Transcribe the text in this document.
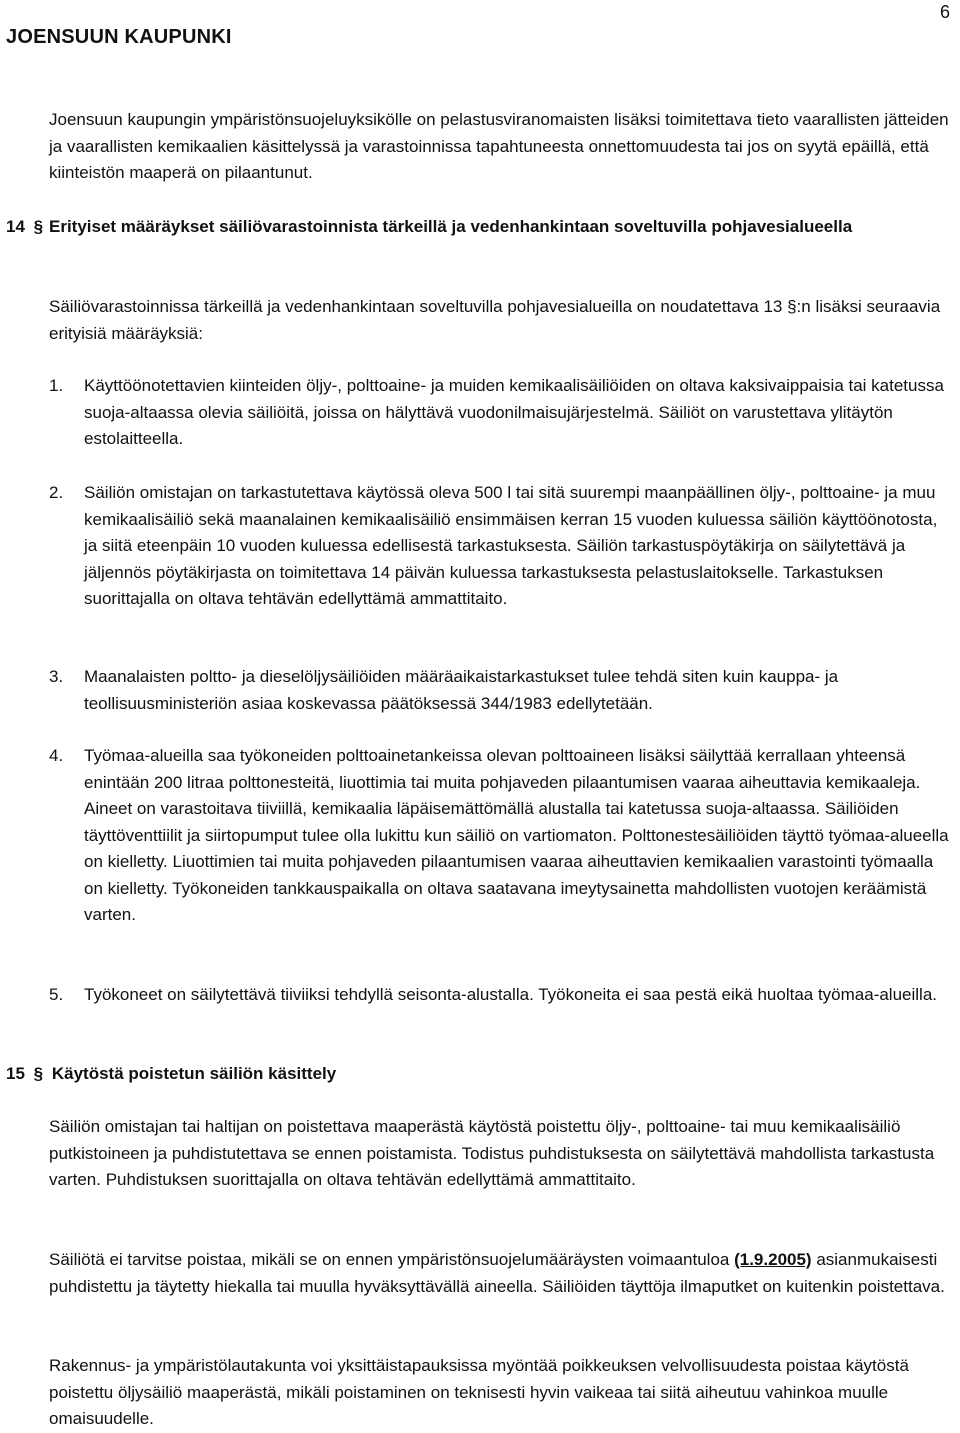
JOENSUUN KAUPUNKI
6

Joensuun kaupungin ympäristönsuojeluyksikölle on pelastusviranomaisten lisäksi toimitettava tieto vaarallisten jätteiden ja vaarallisten kemikaalien käsittelyssä ja varastoinnissa tapahtuneesta onnettomuudesta tai jos on syytä epäillä, että kiinteistön maaperä on pilaantunut.

14 § Erityiset määräykset säiliövarastoinnista tärkeillä ja vedenhankintaan soveltuvilla pohjavesialueella

Säiliövarastoinnissa tärkeillä ja vedenhankintaan soveltuvilla pohjavesialueilla on noudatettava 13 §:n lisäksi seuraavia erityisiä määräyksiä:

1.	Käyttöönotettavien kiinteiden öljy-, polttoaine- ja muiden kemikaalisäiliöiden on oltava kaksivaippaisia tai katetussa suoja-altaassa olevia säiliöitä, joissa on hälyttävä vuodonilmaisujärjestelmä. Säiliöt on varustettava ylitäytön estolaitteella.
2.	Säiliön omistajan on tarkastutettava käytössä oleva 500 l tai sitä suurempi maanpäällinen öljy-, polttoaine- ja muu kemikaalisäiliö sekä maanalainen kemikaalisäiliö ensimmäisen kerran 15 vuoden kuluessa säiliön käyttöönotosta, ja siitä eteenpäin 10 vuoden kuluessa edellisestä tarkastuksesta. Säiliön tarkastuspöytäkirja on säilytettävä ja jäljennös pöytäkirjasta on toimitettava 14 päivän kuluessa tarkastuksesta pelastuslaitokselle. Tarkastuksen suorittajalla on oltava tehtävän edellyttämä ammattitaito.
3.	Maanalaisten poltto- ja dieselöljysäiliöiden määräaikaistarkastukset tulee tehdä siten kuin kauppa- ja teollisuusministeriön asiaa koskevassa päätöksessä 344/1983 edellytetään.
4.	Työmaa-alueilla saa työkoneiden polttoainetankeissa olevan polttoaineen lisäksi säilyttää kerrallaan yhteensä enintään 200 litraa polttonesteitä, liuottimia tai muita pohjaveden pilaantumisen vaaraa aiheuttavia kemikaaleja. Aineet on varastoitava tiiviillä, kemikaalia läpäisemättömällä alustalla tai katetussa suoja-altaassa. Säiliöiden täyttöventtiilit ja siirtopumput tulee olla lukittu kun säiliö on vartiomaton. Polttonestesäiliöiden täyttö työmaa-alueella on kielletty. Liuottimien tai muita pohjaveden pilaantumisen vaaraa aiheuttavien kemikaalien varastointi työmaalla on kielletty. Työkoneiden tankkauspaikalla on oltava saatavana imeytysainetta mahdollisten vuotojen keräämistä varten.
5.	Työkoneet on säilytettävä tiiviiksi tehdyllä seisonta-alustalla. Työkoneita ei saa pestä eikä huoltaa työmaa-alueilla.
15 § Käytöstä poistetun säiliön käsittely

Säiliön omistajan tai haltijan on poistettava maaperästä käytöstä poistettu öljy-, polttoaine- tai muu kemikaalisäiliö putkistoineen ja puhdistutettava se ennen poistamista. Todistus puhdistuksesta on säilytettävä mahdollista tarkastusta varten. Puhdistuksen suorittajalla on oltava tehtävän edellyttämä ammattitaito.

Säiliötä ei tarvitse poistaa, mikäli se on ennen ympäristönsuojelumääräysten voimaantuloa (1.9.2005) asianmukaisesti puhdistettu ja täytetty hiekalla tai muulla hyväksyttävällä aineella. Säiliöiden täyttöja ilmaputket on kuitenkin poistettava.

Rakennus- ja ympäristölautakunta voi yksittäistapauksissa myöntää poikkeuksen velvollisuudesta poistaa käytöstä poistettu öljysäiliö maaperästä, mikäli poistaminen on teknisesti hyvin vaikeaa tai siitä aiheutuu vahinkoa muulle omaisuudelle.
